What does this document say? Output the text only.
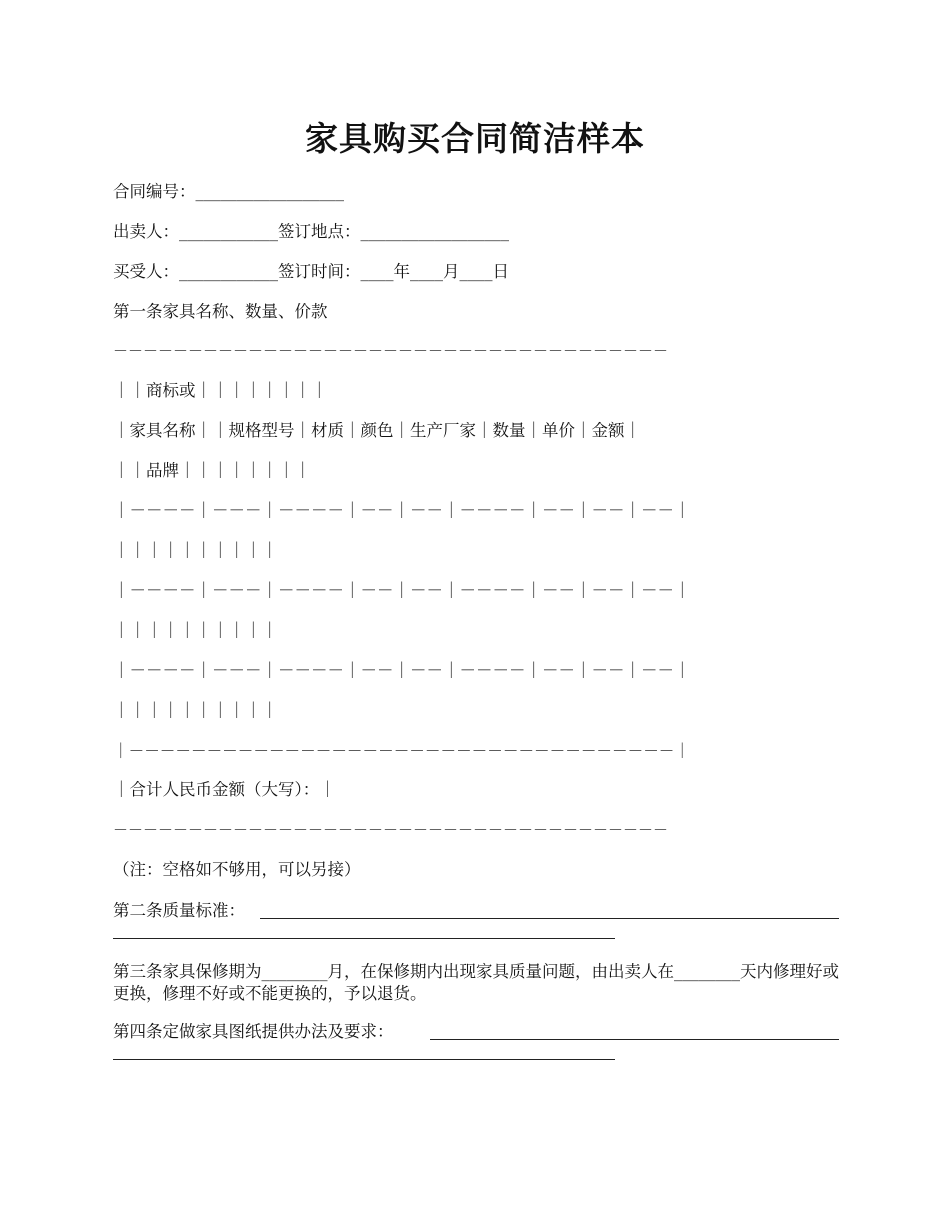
家具购买合同简洁样本
合同编号：__________________
出卖人：____________签订地点：__________________
买受人：____________签订时间：____年____月____日
第一条家具名称、数量、价款
－－－－－－－－－－－－－－－－－－－－－－－－－－－－－－－－－－－－－
｜｜商标或｜｜｜｜｜｜｜｜
｜家具名称｜｜规格型号｜材质｜颜色｜生产厂家｜数量｜单价｜金额｜
｜｜品牌｜｜｜｜｜｜｜｜
｜－－－－｜－－－｜－－－－｜－－｜－－｜－－－－｜－－｜－－｜－－｜
｜｜｜｜｜｜｜｜｜｜
｜－－－－｜－－－｜－－－－｜－－｜－－｜－－－－｜－－｜－－｜－－｜
｜｜｜｜｜｜｜｜｜｜
｜－－－－｜－－－｜－－－－｜－－｜－－｜－－－－｜－－｜－－｜－－｜
｜｜｜｜｜｜｜｜｜｜
｜－－－－－－－－－－－－－－－－－－－－－－－－－－－－－－－－－－－｜
｜合计人民币金额（大写）：｜
－－－－－－－－－－－－－－－－－－－－－－－－－－－－－－－－－－－－－
（注：空格如不够用，可以另接）
第二条质量标准：
第三条家具保修期为________月，在保修期内出现家具质量问题，由出卖人在________天内修理好或更换，修理不好或不能更换的，予以退货。
第四条定做家具图纸提供办法及要求：
